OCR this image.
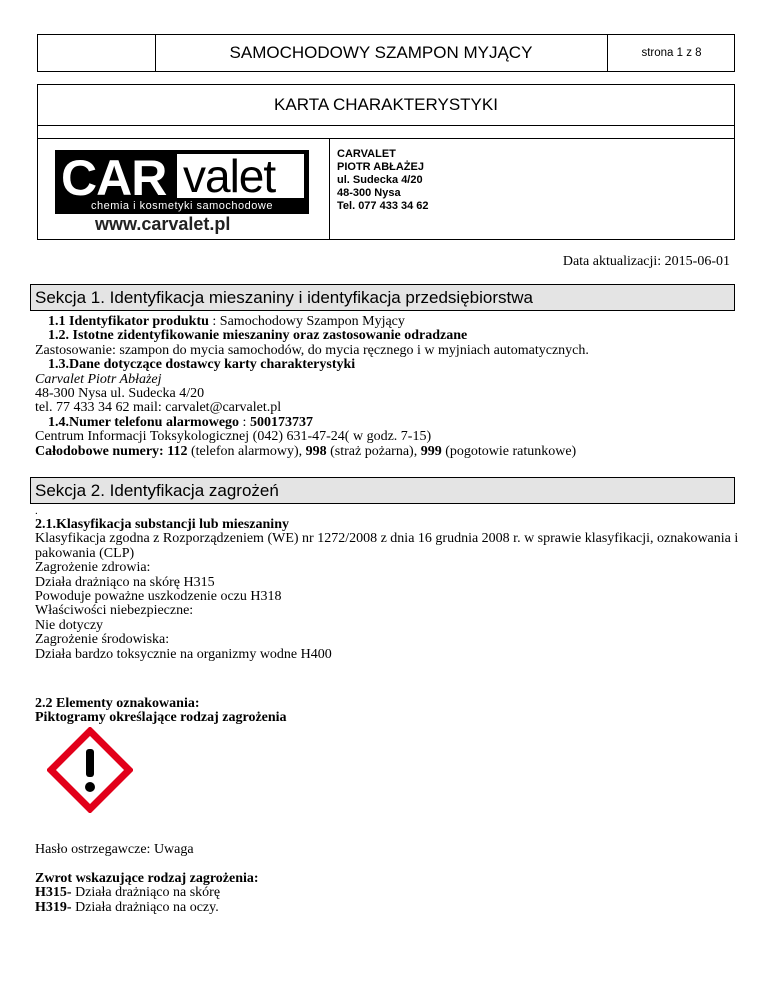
SAMOCHODOWY SZAMPON MYJĄCY	strona 1 z 8
KARTA CHARAKTERYSTYKI
CAR valet
chemia i kosmetyki samochodowe
www.carvalet.pl
CARVALET
PIOTR ABŁAŻEJ
ul. Sudecka 4/20
48-300 Nysa
Tel. 077 433 34 62
Data aktualizacji: 2015-06-01
Sekcja 1. Identyfikacja mieszaniny i identyfikacja przedsiębiorstwa

1.1 Identyfikator produktu : Samochodowy Szampon Myjący

1.2. Istotne zidentyfikowanie mieszaniny oraz zastosowanie odradzane

Zastosowanie: szampon do mycia samochodów, do mycia ręcznego i w myjniach automatycznych.

1.3.Dane dotyczące dostawcy karty charakterystyki

Carvalet Piotr Abłażej

48-300 Nysa ul. Sudecka 4/20

tel. 77 433 34 62 mail: carvalet@carvalet.pl

1.4.Numer telefonu alarmowego : 500173737

Centrum Informacji Toksykologicznej (042) 631-47-24( w godz. 7-15)

Całodobowe numery: 112 (telefon alarmowy), 998 (straż pożarna), 999 (pogotowie ratunkowe)

Sekcja 2. Identyfikacja zagrożeń
.

2.1.Klasyfikacja substancji lub mieszaniny

Klasyfikacja zgodna z Rozporządzeniem (WE) nr 1272/2008 z dnia 16 grudnia 2008 r. w sprawie klasyfikacji, oznakowania i pakowania (CLP)

Zagrożenie zdrowia:

Działa drażniąco na skórę H315

Powoduje poważne uszkodzenie oczu H318

Właściwości niebezpieczne:

Nie dotyczy

Zagrożenie środowiska:

Działa bardzo toksycznie na organizmy wodne H400

2.2 Elementy oznakowania:

Piktogramy określające rodzaj zagrożenia

Hasło ostrzegawcze: Uwaga

Zwrot wskazujące rodzaj zagrożenia:

H315- Działa drażniąco na skórę

H319- Działa drażniąco na oczy.
